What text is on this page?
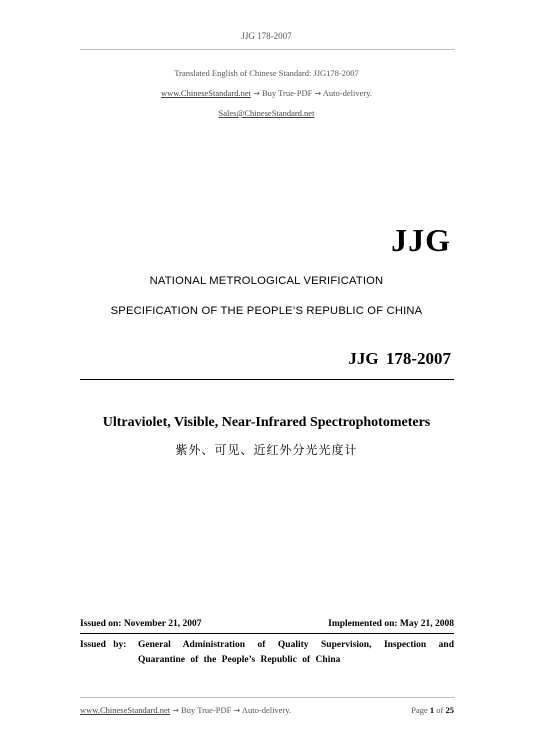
JJG 178-2007
Translated English of Chinese Standard: JJG178-2007
www.ChineseStandard.net → Buy True-PDF → Auto-delivery.
Sales@ChineseStandard.net
JJG
NATIONAL METROLOGICAL VERIFICATION
SPECIFICATION OF THE PEOPLE’S REPUBLIC OF CHINA
JJG 178-2007
Ultraviolet, Visible, Near-Infrared Spectrophotometers
紫外、可见、近红外分光光度计
Issued on: November 21, 2007	Implemented on: May 21, 2008
Issued by: General Administration of Quality Supervision, Inspection and Quarantine of the People’s Republic of China
www.ChineseStandard.net → Buy True-PDF → Auto-delivery.	Page 1 of 25
